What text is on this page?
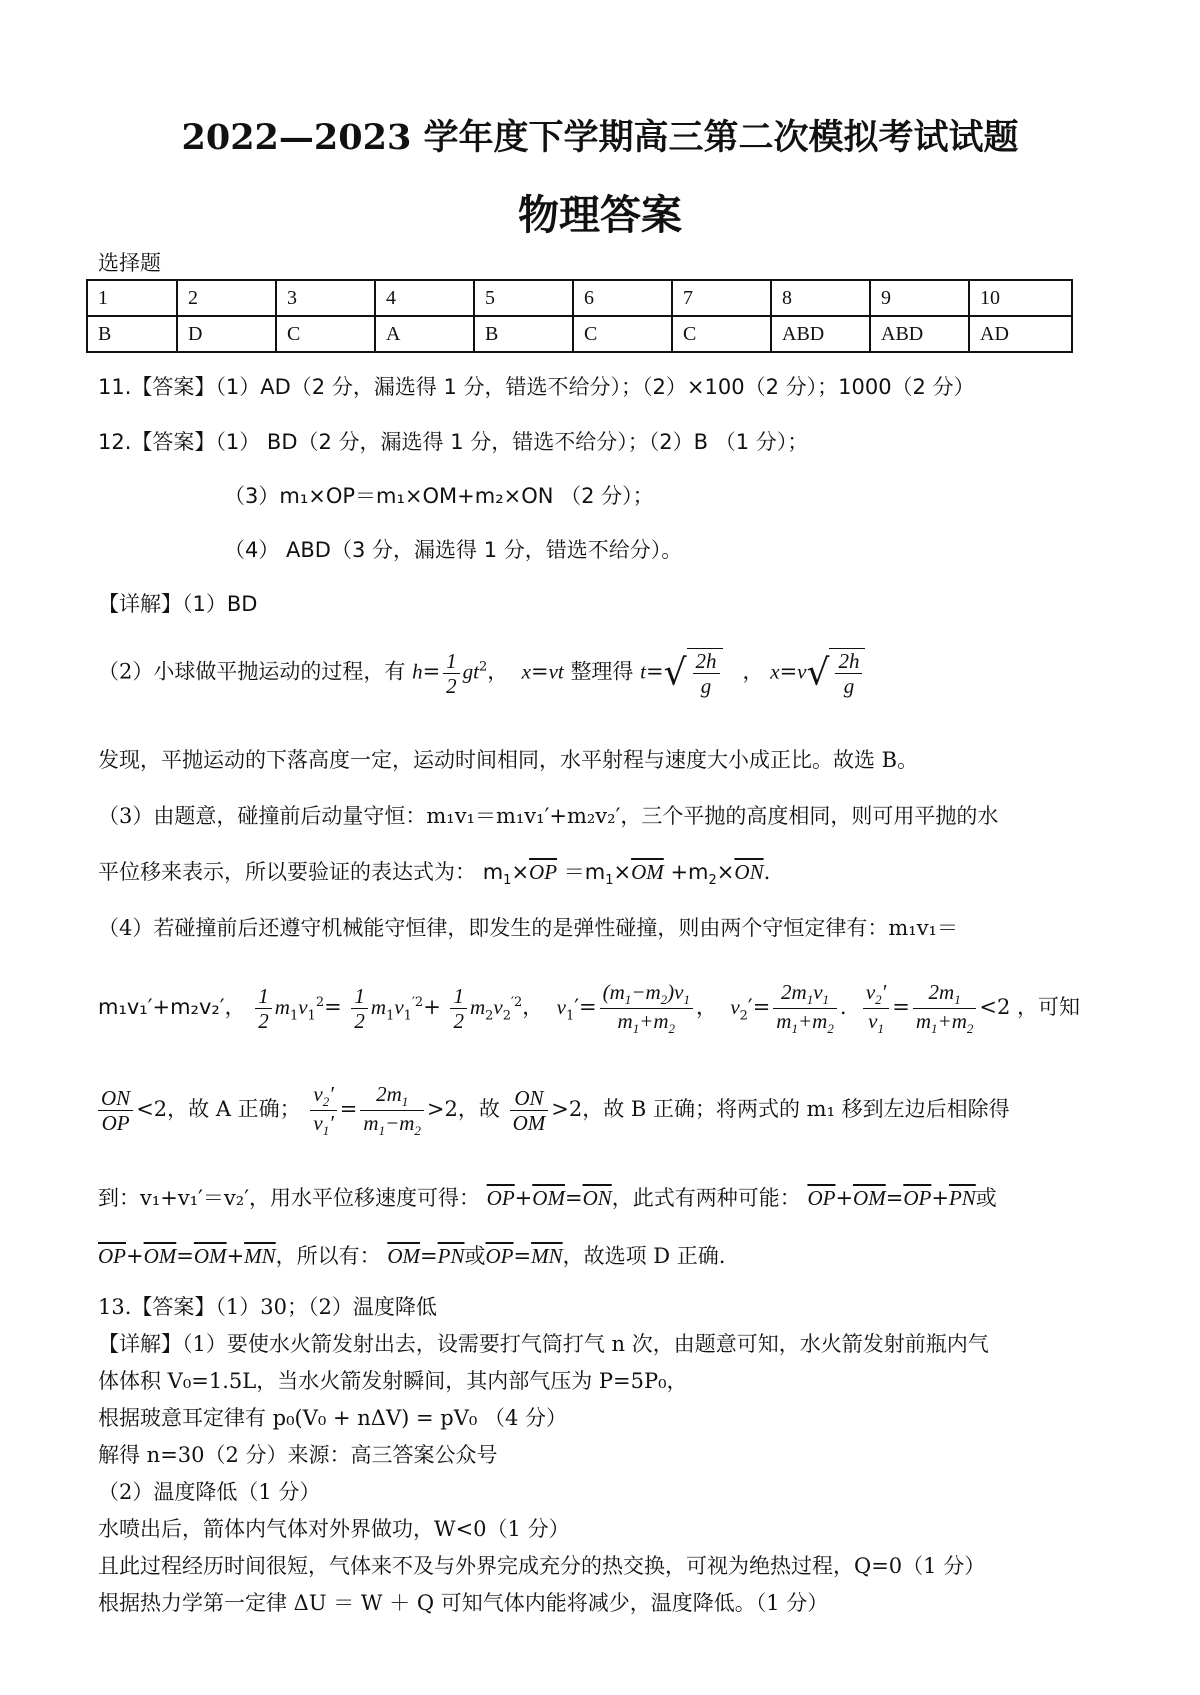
2022—2023 学年度下学期高三第二次模拟考试试题
物理答案
选择题
1	2	3	4	5	6	7	8	9	10
B	D	C	A	B	C	C	ABD	ABD	AD
11.【答案】（1）AD（2 分，漏选得 1 分，错选不给分）；（2）×100（2 分）；1000（2 分）
12.【答案】（1） BD（2 分，漏选得 1 分，错选不给分）；（2）B （1 分）；
（3）m₁×OP＝m₁×OM+m₂×ON （2 分）；
（4） ABD（3 分，漏选得 1 分，错选不给分）。
【详解】（1）BD
（2）小球做平抛运动的过程，有 $h= \frac{1}{2} gt^2$，  x=vt 整理得 $t=√ \frac{2h}{g}$ ， $x=v√ \frac{2h}{g}$
发现，平抛运动的下落高度一定，运动时间相同，水平射程与速度大小成正比。故选 B。
（3）由题意，碰撞前后动量守恒：m₁v₁＝m₁v₁′+m₂v₂′，三个平抛的高度相同，则可用平抛的水
平位移来表示，所以要验证的表达式为： $m_1\times\overline{OP} =m_1\times\overline{OM} +m_2\times\overline{ON}$.
（4）若碰撞前后还遵守机械能守恒律，即发生的是弹性碰撞，则由两个守恒定律有：m₁v₁＝
m₁v₁′+m₂v₂′， $\frac{1}{2} m_1v_1^2= \frac{1}{2} m_1v_1^{'2}+ \frac{1}{2} m_2v_2^{'2}$，  $v_1'= \frac{(m_1-m_2)v_1}{m_1+m_2}$ ，  $v_2'= \frac{2m_1v_1}{m_1+m_2}$ . $\frac{v_2'}{v_1} = \frac{2m_1}{m_1+m_2} <2$ ，可知
$\frac{ON}{OP} <2$，故 A 正确； $\frac{v_2'}{v_1'} = \frac{2m_1}{m_1-m_2} >2$，故 $\frac{ON}{OM} >2$，故 B 正确；将两式的 m₁ 移到左边后相除得
到：v₁+v₁′＝v₂′，用水平位移速度可得： $\overline{OP}+\overline{OM}=\overline{ON}$，此式有两种可能： $\overline{OP}+\overline{OM}=\overline{OP}+\overline{PN}$或
$\overline{OP}+\overline{OM}=\overline{OM}+\overline{MN}$，所以有： $\overline{OM}=\overline{PN}$或$\overline{OP}=\overline{MN}$，故选项 D 正确.
13.【答案】（1）30；（2）温度降低
【详解】（1）要使水火箭发射出去，设需要打气筒打气 n 次，由题意可知，水火箭发射前瓶内气
体体积 V₀=1.5L，当水火箭发射瞬间，其内部气压为 P=5P₀，
根据玻意耳定律有 p₀(V₀ + nΔV) = pV₀ （4 分）
解得 n=30（2 分）来源：高三答案公众号
（2）温度降低（1 分）
水喷出后，箭体内气体对外界做功，W<0（1 分）
且此过程经历时间很短，气体来不及与外界完成充分的热交换，可视为绝热过程，Q=0（1 分）
根据热力学第一定律 ΔU ＝ W ＋ Q 可知气体内能将减少，温度降低。（1 分）
